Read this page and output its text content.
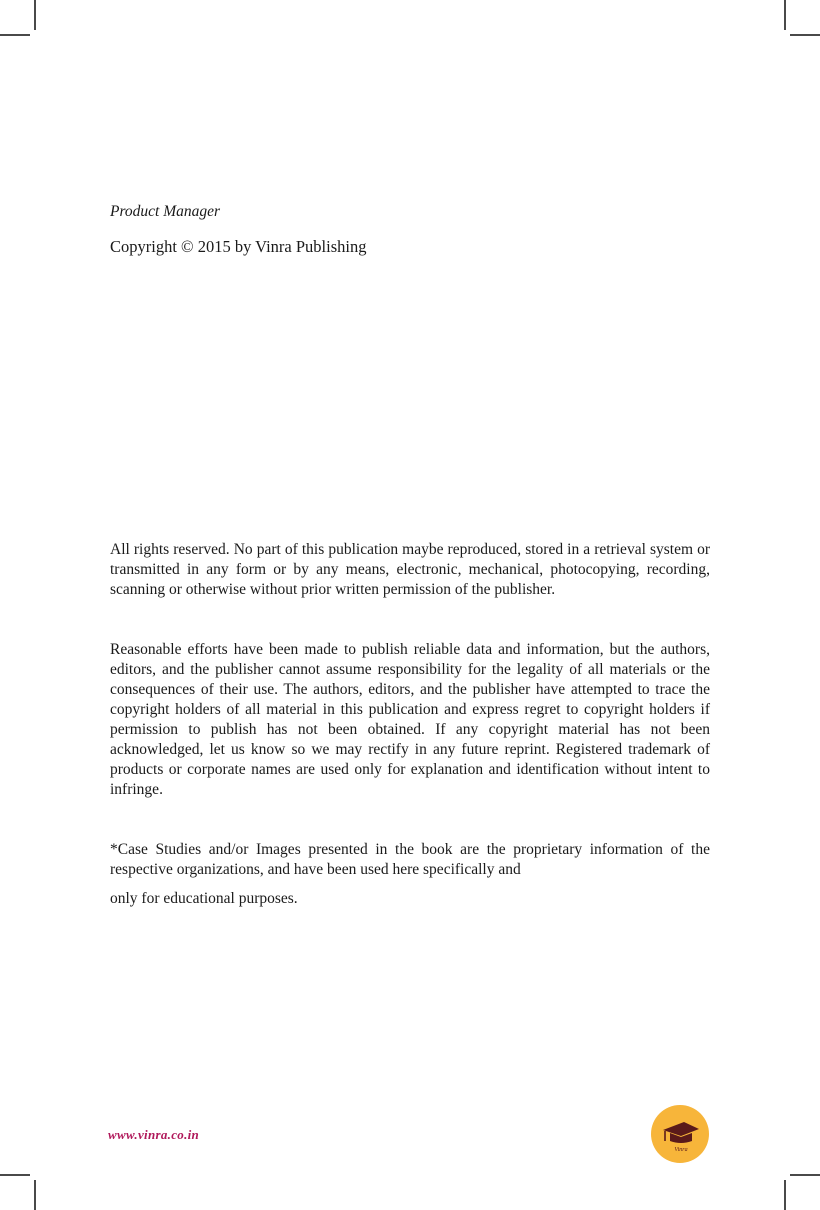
Product Manager
Copyright © 2015 by Vinra Publishing
All rights reserved. No part of this publication maybe reproduced, stored in a retrieval system or transmitted in any form or by any means, electronic, mechanical, photocopying, recording, scanning or otherwise without prior written permission of the publisher.
Reasonable efforts have been made to publish reliable data and information, but the authors, editors, and the publisher cannot assume responsibility for the legality of all materials or the consequences of their use. The authors, editors, and the publisher have attempted to trace the copyright holders of all material in this publication and express regret to copyright holders if permission to publish has not been obtained. If any copyright material has not been acknowledged, let us know so we may rectify in any future reprint. Registered trademark of products or corporate names are used only for explanation and identification without intent to infringe.
*Case Studies and/or Images presented in the book are the proprietary information of the respective organizations, and have been used here specifically and
only for educational purposes.
www.vinra.co.in
Vinra
